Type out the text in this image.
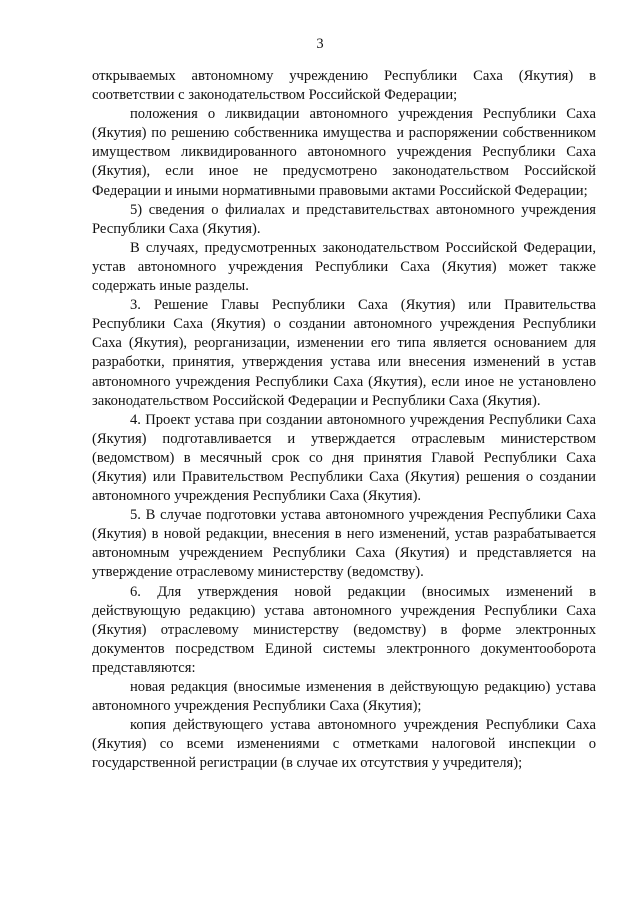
3

открываемых автономному учреждению Республики Саха (Якутия) в соответствии с законодательством Российской Федерации;

положения о ликвидации автономного учреждения Республики Саха (Якутия) по решению собственника имущества и распоряжении собственником имуществом ликвидированного автономного учреждения Республики Саха (Якутия), если иное не предусмотрено законодательством Российской Федерации и иными нормативными правовыми актами Российской Федерации;

5) сведения о филиалах и представительствах автономного учреждения Республики Саха (Якутия).

В случаях, предусмотренных законодательством Российской Федерации, устав автономного учреждения Республики Саха (Якутия) может также содержать иные разделы.

3. Решение Главы Республики Саха (Якутия) или Правительства Республики Саха (Якутия) о создании автономного учреждения Республики Саха (Якутия), реорганизации, изменении его типа является основанием для разработки, принятия, утверждения устава или внесения изменений в устав автономного учреждения Республики Саха (Якутия), если иное не установлено законодательством Российской Федерации и Республики Саха (Якутия).

4. Проект устава при создании автономного учреждения Республики Саха (Якутия) подготавливается и утверждается отраслевым министерством (ведомством) в месячный срок со дня принятия Главой Республики Саха (Якутия) или Правительством Республики Саха (Якутия) решения о создании автономного учреждения Республики Саха (Якутия).

5. В случае подготовки устава автономного учреждения Республики Саха (Якутия) в новой редакции, внесения в него изменений, устав разрабатывается автономным учреждением Республики Саха (Якутия) и представляется на утверждение отраслевому министерству (ведомству).

6. Для утверждения новой редакции (вносимых изменений в действующую редакцию) устава автономного учреждения Республики Саха (Якутия) отраслевому министерству (ведомству) в форме электронных документов посредством Единой системы электронного документооборота представляются:

новая редакция (вносимые изменения в действующую редакцию) устава автономного учреждения Республики Саха (Якутия);

копия действующего устава автономного учреждения Республики Саха (Якутия) со всеми изменениями с отметками налоговой инспекции о государственной регистрации (в случае их отсутствия у учредителя);
